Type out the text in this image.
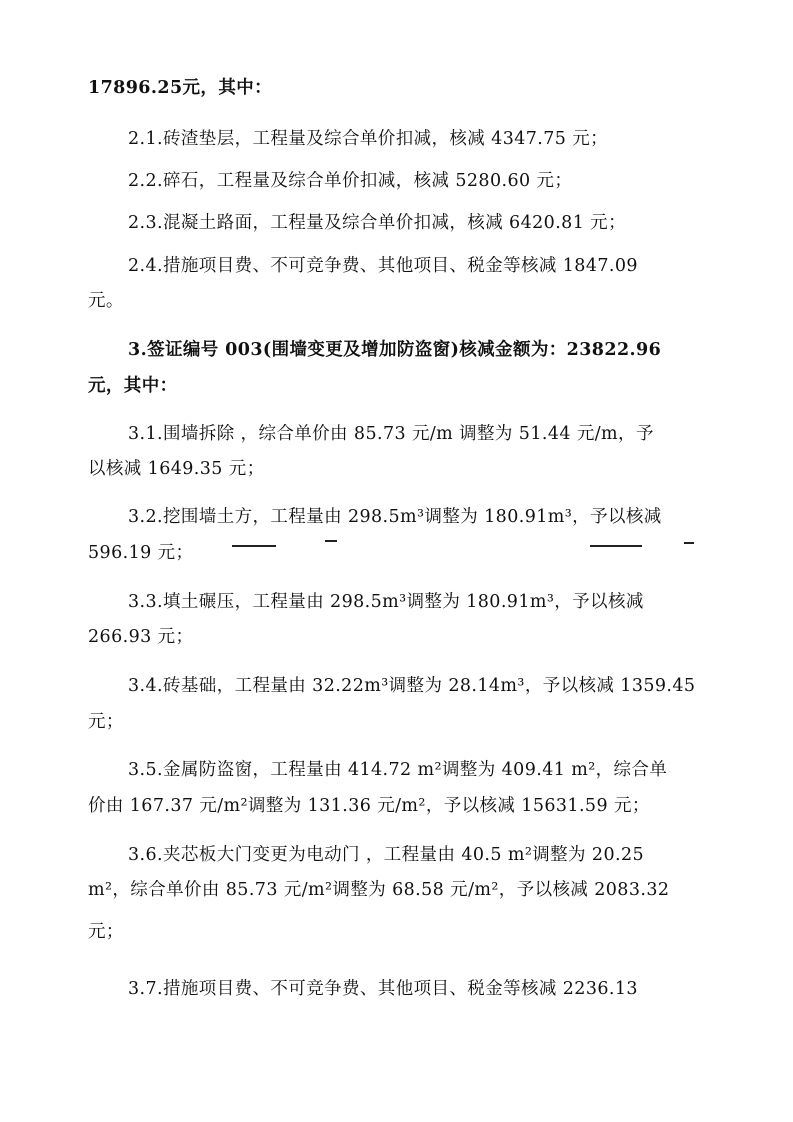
17896.25元，其中：
2.1.砖渣垫层，工程量及综合单价扣减，核减 4347.75 元；
2.2.碎石，工程量及综合单价扣减，核减 5280.60 元；
2.3.混凝土路面，工程量及综合单价扣减，核减 6420.81 元；
2.4.措施项目费、不可竞争费、其他项目、税金等核减 1847.09
元。
3.签证编号 003(围墙变更及增加防盗窗)核减金额为：23822.96
元，其中：
3.1.围墙拆除 ，综合单价由 85.73 元/m 调整为 51.44 元/m，予
以核减 1649.35 元；
3.2.挖围墙土方，工程量由 298.5m³调整为 180.91m³，予以核减
596.19 元；
3.3.填土碾压，工程量由 298.5m³调整为 180.91m³，予以核减
266.93 元；
3.4.砖基础，工程量由 32.22m³调整为 28.14m³，予以核减 1359.45
元；
3.5.金属防盗窗，工程量由 414.72 m²调整为 409.41 m²，综合单
价由 167.37 元/m²调整为 131.36 元/m²，予以核减 15631.59 元；
3.6.夹芯板大门变更为电动门 ，工程量由 40.5 m²调整为 20.25
m²，综合单价由 85.73 元/m²调整为 68.58 元/m²，予以核减 2083.32
元；
3.7.措施项目费、不可竞争费、其他项目、税金等核减 2236.13
